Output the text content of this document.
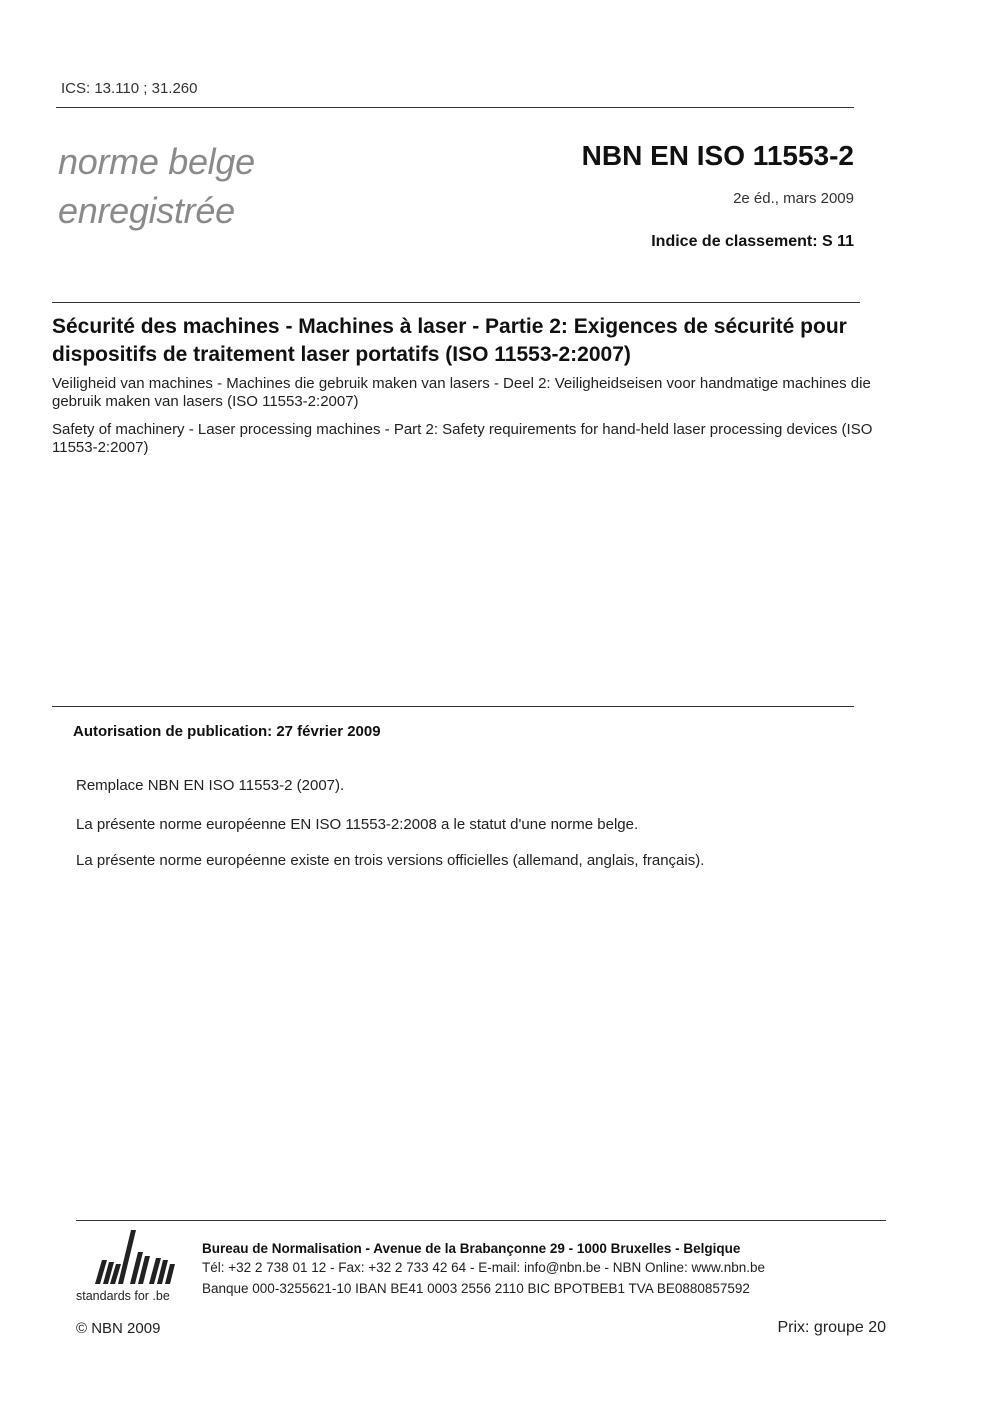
ICS: 13.110 ; 31.260
norme belge
enregistrée
NBN EN ISO 11553-2
2e éd., mars 2009
Indice de classement: S 11
Sécurité des machines - Machines à laser - Partie 2: Exigences de sécurité pour dispositifs de traitement laser portatifs (ISO 11553-2:2007)
Veiligheid van machines - Machines die gebruik maken van lasers - Deel 2: Veiligheidseisen voor handmatige machines die gebruik maken van lasers (ISO 11553-2:2007)
Safety of machinery - Laser processing machines - Part 2: Safety requirements for hand-held laser processing devices (ISO 11553-2:2007)
Autorisation de publication: 27 février 2009
Remplace NBN EN ISO 11553-2 (2007).
La présente norme européenne EN ISO 11553-2:2008 a le statut d'une norme belge.
La présente norme européenne existe en trois versions officielles (allemand, anglais, français).
standards for .be
Bureau de Normalisation - Avenue de la Brabançonne 29 - 1000 Bruxelles - Belgique
Tél: +32 2 738 01 12 - Fax: +32 2 733 42 64 - E-mail: info@nbn.be - NBN Online: www.nbn.be
Banque 000-3255621-10 IBAN BE41 0003 2556 2110 BIC BPOTBEB1 TVA BE0880857592
© NBN 2009	Prix: groupe 20
